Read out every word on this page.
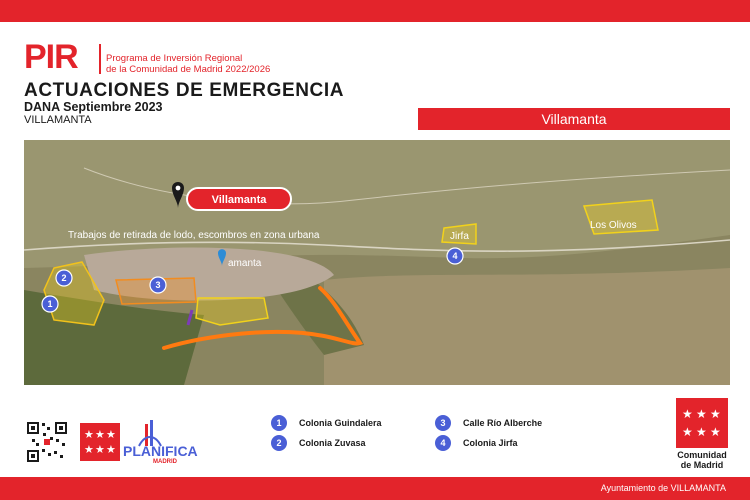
PIR	Programa de Inversión Regional
de la Comunidad de Madrid 2022/2026
ACTUACIONES DE EMERGENCIA
DANA Septiembre 2023
VILLAMANTA	Villamanta
Villamanta
Trabajos de retirada de lodo, escombros en zona urbana
amanta
Jirfa
Los Olivos
2
1
3
4
1	Colonia Guindalera
2	Colonia Zuvasa
3	Calle Río Alberche
4	Colonia Jirfa
★ ★ ★
★ ★ ★ PLANIFICA
MADRID
★ ★ ★
★ ★ ★
Comunidad
de Madrid
Ayuntamiento de VILLAMANTA
